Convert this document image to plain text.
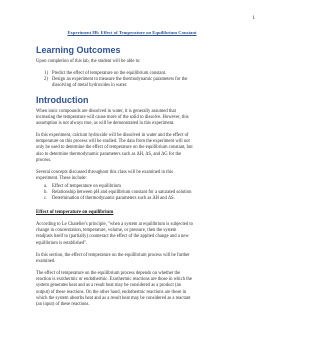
1
Experiment 8B: Effect of Temperature on Equilibrium Constant
Learning Outcomes

Upon completion of this lab, the student will be able to:

1) Predict the effect of temperature on the equilibrium constant.
2) Design an experiment to measure the thermodynamic parameters for the
dissolving of metal hydroxides in water.
Introduction

When ionic compounds are dissolved in water, it is generally assumed that
increasing the temperature will cause more of the solid to dissolve. However, this
assumption is not always true, as will be demonstrated in this experiment.

In this experiment, calcium hydroxide will be dissolved in water and the effect of
temperature on this process will be studied. The data from the experiment will not
only be used to determine the effect of temperature on the equilibrium constant, but
also to determine thermodynamic parameters such as ΔH, ΔS, and ΔG for the
process.

Several concepts discussed throughout this class will be examined in this
experiment. These include:

a.	Effect of temperature on equilibrium
b. Relationship between pH and equilibrium constant for a saturated solution
c.	Determination of thermodynamic parameters such as ΔH and ΔS.
Effect of temperature on equilibrium

According to Le Chatelier's principle, "when a system at equilibrium is subjected to
change in concentration, temperature, volume, or pressure, then the system
readjusts itself to (partially) counteract the effect of the applied change and a new
equilibrium is established".

In this section, the effect of temperature on the equilibrium process will be further
examined.

The effect of temperature on the equilibrium process depends on whether the
reaction is exothermic or endothermic. Exothermic reactions are those in which the
system generates heat and as a result heat may be considered as a product (an
output) of these reactions. On the other hand, endothermic reactions are those in
which the system absorbs heat and as a result heat may be considered as a reactant
(an input) of these reactions.
